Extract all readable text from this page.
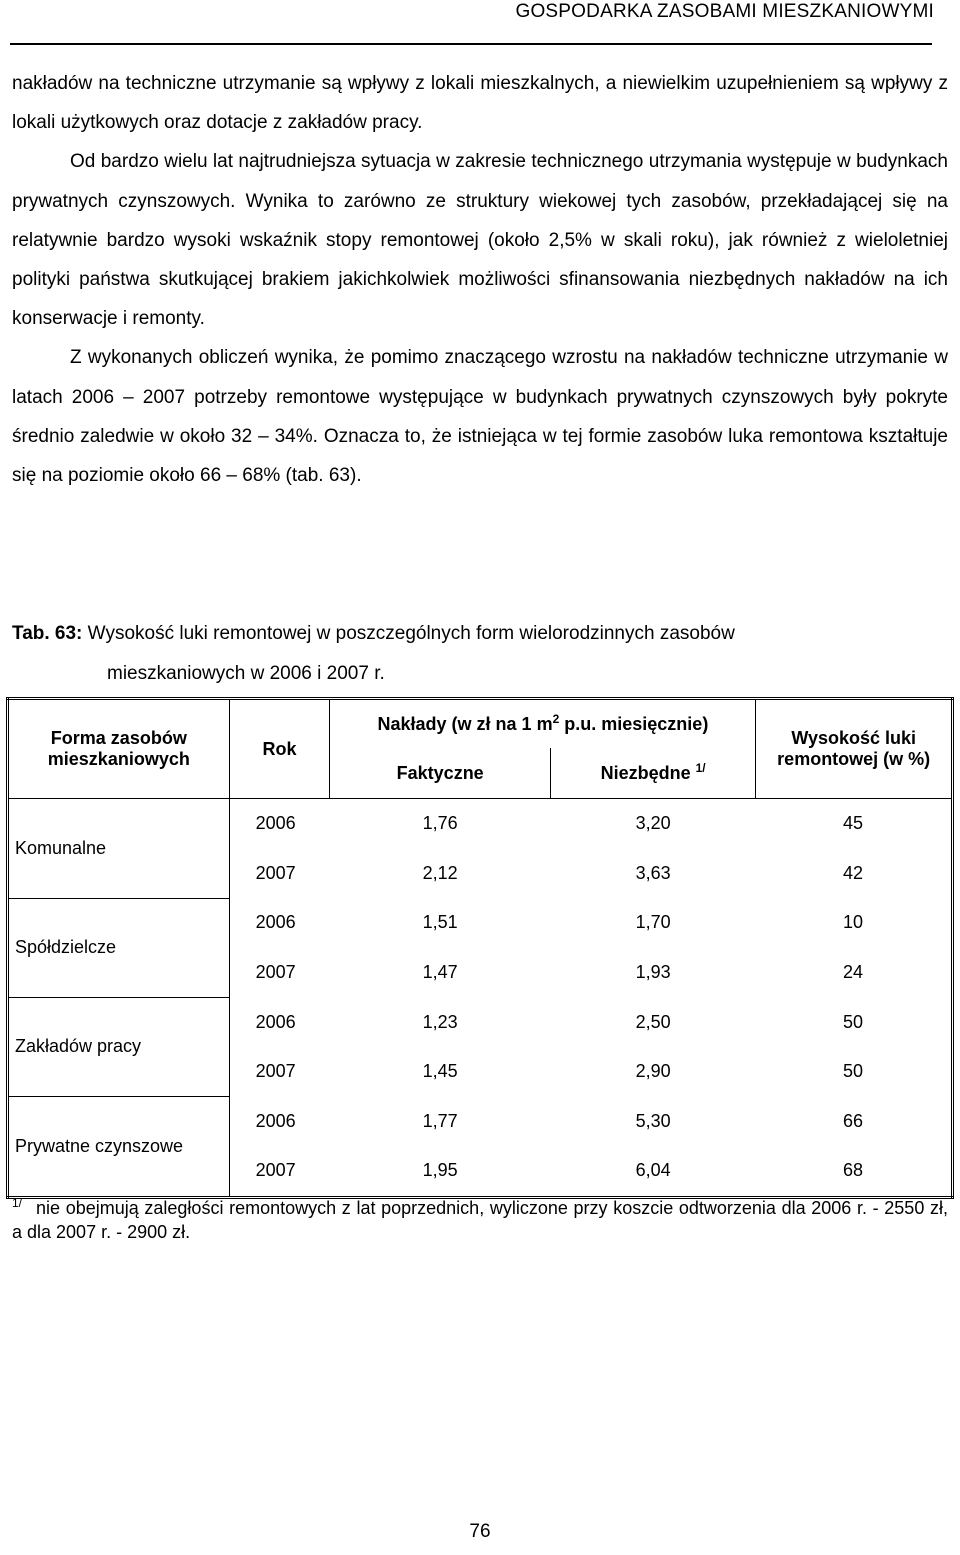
GOSPODARKA ZASOBAMI MIESZKANIOWYMI

nakładów na techniczne utrzymanie są wpływy z lokali mieszkalnych, a niewielkim uzupełnieniem są wpływy z lokali użytkowych oraz dotacje z zakładów pracy.

Od bardzo wielu lat najtrudniejsza sytuacja w zakresie technicznego utrzymania występuje w budynkach prywatnych czynszowych. Wynika to zarówno ze struktury wiekowej tych zasobów, przekładającej się na relatywnie bardzo wysoki wskaźnik stopy remontowej (około 2,5% w skali roku), jak również z wieloletniej polityki państwa skutkującej brakiem jakichkolwiek możliwości sfinansowania niezbędnych nakładów na ich konserwacje i remonty.

Z wykonanych obliczeń wynika, że pomimo znaczącego wzrostu na nakładów techniczne utrzymanie w latach 2006 – 2007 potrzeby remontowe występujące w budynkach prywatnych czynszowych były pokryte średnio zaledwie w około 32 – 34%. Oznacza to, że istniejąca w tej formie zasobów luka remontowa kształtuje się na poziomie około 66 – 68% (tab. 63).

Tab. 63: Wysokość luki remontowej w poszczególnych form wielorodzinnych zasobów
mieszkaniowych w 2006 i 2007 r.
Forma zasobów mieszkaniowych	Rok	Nakłady (w zł na 1 $m^2$ p.u. miesięcznie)		Wysokość luki remontowej (w %)
		Faktyczne	Niezbędne $^{1/}$
Komunalne	2006	1,76	3,20	45
	2007	2,12	3,63	42
Spółdzielcze	2006	1,51	1,70	10
	2007	1,47	1,93	24
Zakładów pracy	2006	1,23	2,50	50
	2007	1,45	2,90	50
Prywatne czynszowe	2006	1,77	5,30	66
	2007	1,95	6,04	68
$^{1/}$ nie obejmują zaległości remontowych z lat poprzednich, wyliczone przy koszcie odtworzenia dla 2006 r. - 2550 zł, a dla 2007 r. - 2900 zł.
76
